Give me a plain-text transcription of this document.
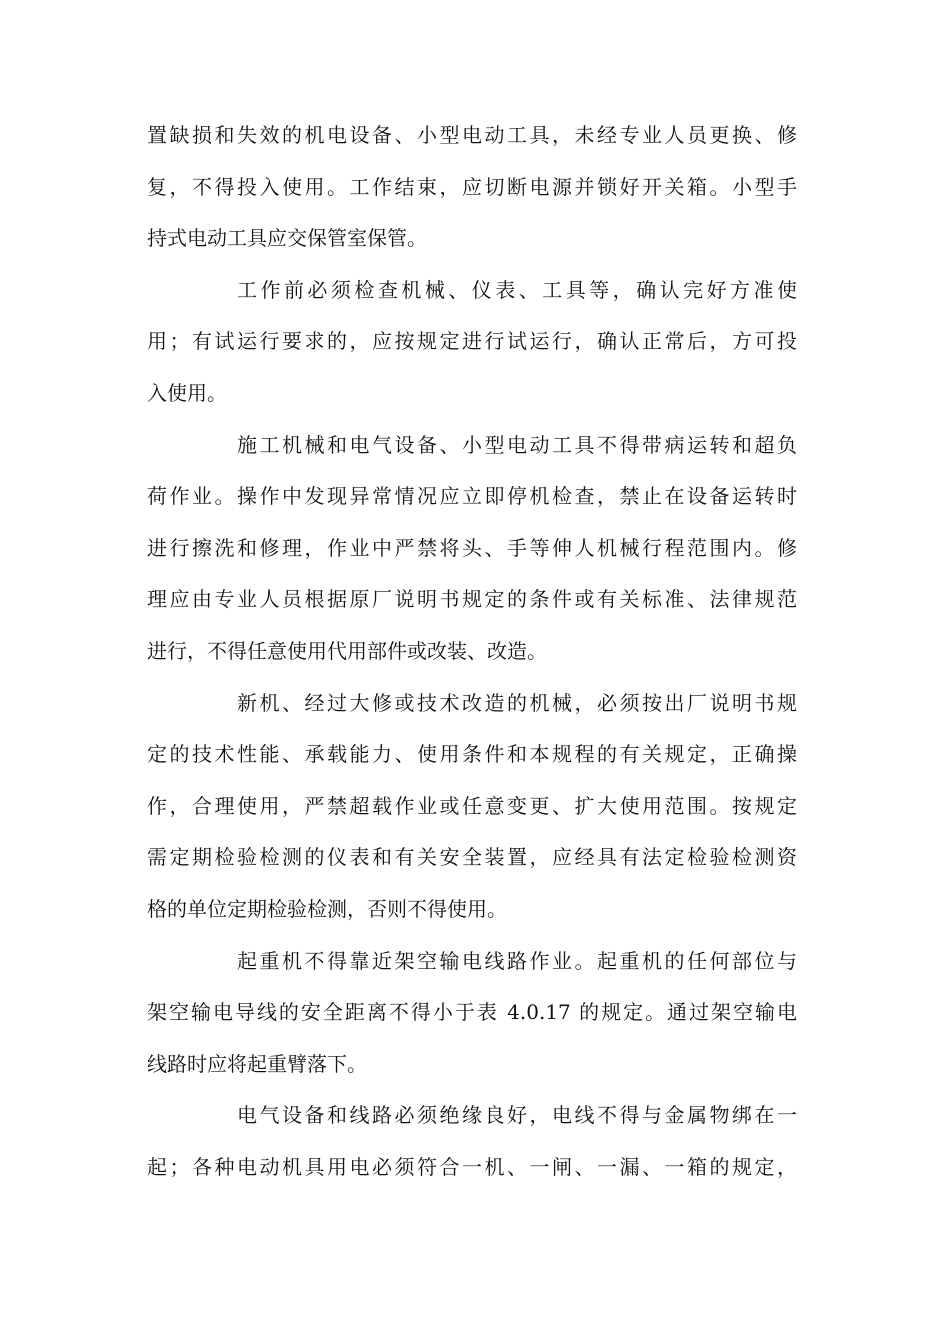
置缺损和失效的机电设备、小型电动工具，未经专业人员更换、修
复，不得投入使用。工作结束，应切断电源并锁好开关箱。小型手
持式电动工具应交保管室保管。
工作前必须检查机械、仪表、工具等，确认完好方准使
用；有试运行要求的，应按规定进行试运行，确认正常后，方可投
入使用。
施工机械和电气设备、小型电动工具不得带病运转和超负
荷作业。操作中发现异常情况应立即停机检查，禁止在设备运转时
进行擦洗和修理，作业中严禁将头、手等伸人机械行程范围内。修
理应由专业人员根据原厂说明书规定的条件或有关标准、法律规范
进行，不得任意使用代用部件或改装、改造。
新机、经过大修或技术改造的机械，必须按出厂说明书规
定的技术性能、承载能力、使用条件和本规程的有关规定，正确操
作，合理使用，严禁超载作业或任意变更、扩大使用范围。按规定
需定期检验检测的仪表和有关安全装置，应经具有法定检验检测资
格的单位定期检验检测，否则不得使用。
起重机不得靠近架空输电线路作业。起重机的任何部位与
架空输电导线的安全距离不得小于表 4.0.17 的规定。通过架空输电
线路时应将起重臂落下。
电气设备和线路必须绝缘良好，电线不得与金属物绑在一
起；各种电动机具用电必须符合一机、一闸、一漏、一箱的规定，
